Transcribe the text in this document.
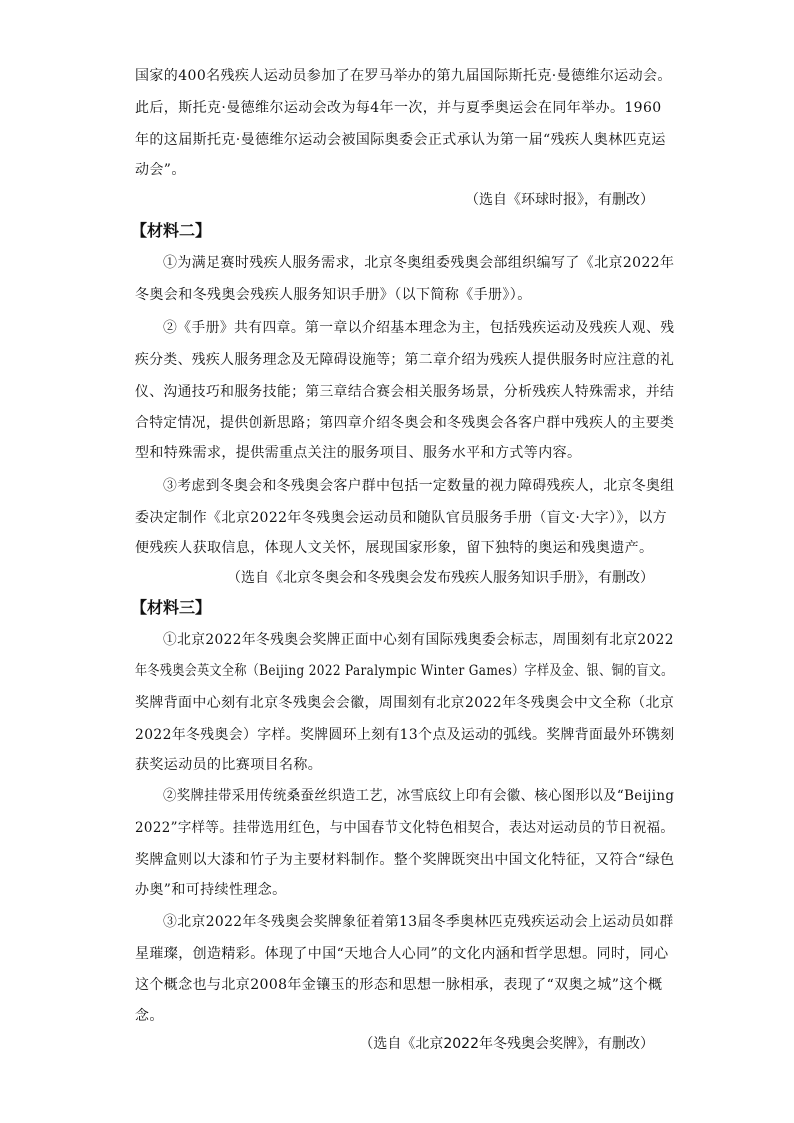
国家的400名残疾人运动员参加了在罗马举办的第九届国际斯托克·曼德维尔运动会。
此后，斯托克·曼德维尔运动会改为每4年一次，并与夏季奥运会在同年举办。1960
年的这届斯托克·曼德维尔运动会被国际奥委会正式承认为第一届“残疾人奥林匹克运
动会”。
（选自《环球时报》，有删改）
【材料二】
①为满足赛时残疾人服务需求，北京冬奥组委残奥会部组织编写了《北京2022年
冬奥会和冬残奥会残疾人服务知识手册》（以下简称《手册》）。
②《手册》共有四章。第一章以介绍基本理念为主，包括残疾运动及残疾人观、残
疾分类、残疾人服务理念及无障碍设施等；第二章介绍为残疾人提供服务时应注意的礼
仪、沟通技巧和服务技能；第三章结合赛会相关服务场景，分析残疾人特殊需求，并结
合特定情况，提供创新思路；第四章介绍冬奥会和冬残奥会各客户群中残疾人的主要类
型和特殊需求，提供需重点关注的服务项目、服务水平和方式等内容。
③考虑到冬奥会和冬残奥会客户群中包括一定数量的视力障碍残疾人，北京冬奥组
委决定制作《北京2022年冬残奥会运动员和随队官员服务手册（盲文·大字）》，以方
便残疾人获取信息，体现人文关怀，展现国家形象，留下独特的奥运和残奥遗产。
（选自《北京冬奥会和冬残奥会发布残疾人服务知识手册》，有删改）
【材料三】
①北京2022年冬残奥会奖牌正面中心刻有国际残奥委会标志，周围刻有北京2022
年冬残奥会英文全称（Beijing 2022 Paralympic Winter Games）字样及金、银、铜的盲文。
奖牌背面中心刻有北京冬残奥会会徽，周围刻有北京2022年冬残奥会中文全称（北京
2022年冬残奥会）字样。奖牌圆环上刻有13个点及运动的弧线。奖牌背面最外环镌刻
获奖运动员的比赛项目名称。
②奖牌挂带采用传统桑蚕丝织造工艺，冰雪底纹上印有会徽、核心图形以及“Beijing
2022”字样等。挂带选用红色，与中国春节文化特色相契合，表达对运动员的节日祝福。
奖牌盒则以大漆和竹子为主要材料制作。整个奖牌既突出中国文化特征，又符合“绿色
办奥”和可持续性理念。
③北京2022年冬残奥会奖牌象征着第13届冬季奥林匹克残疾运动会上运动员如群
星璀璨，创造精彩。体现了中国“天地合人心同”的文化内涵和哲学思想。同时，同心
这个概念也与北京2008年金镶玉的形态和思想一脉相承，表现了“双奥之城”这个概
念。
（选自《北京2022年冬残奥会奖牌》，有删改）
